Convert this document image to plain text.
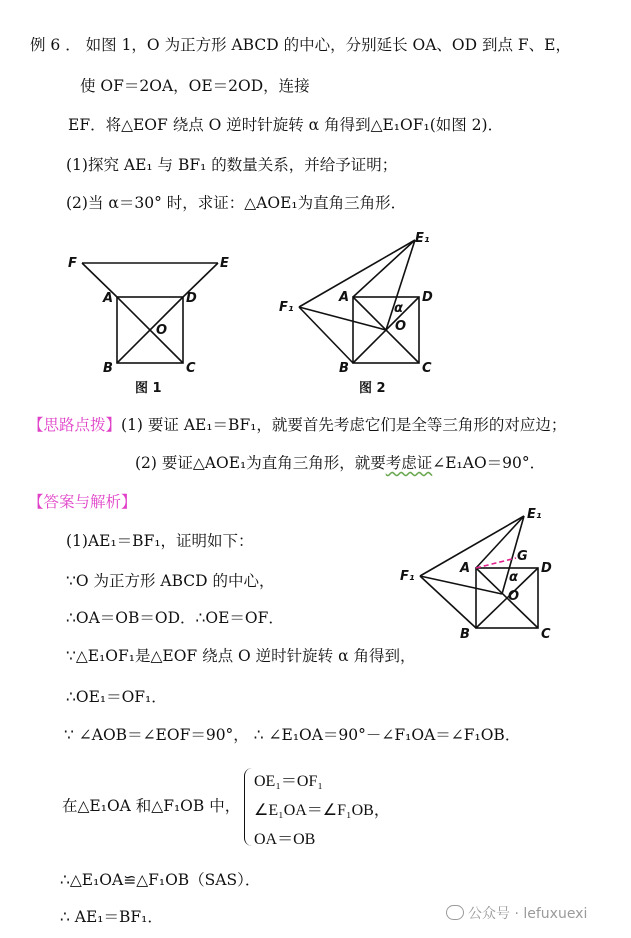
例 6 ． 如图 1，O 为正方形 ABCD 的中心，分别延长 OA、OD 到点 F、E，
使 OF＝2OA，OE＝2OD，连接
EF．将△EOF 绕点 O 逆时针旋转 α 角得到△E₁OF₁(如图 2)．
(1)探究 AE₁ 与 BF₁ 的数量关系，并给予证明；
(2)当 α＝30° 时，求证：△AOE₁为直角三角形．
F	E
A	D
B	C
O
图 1
E₁
F₁
A	D
B	C
O
α
图 2
【思路点拨】(1) 要证 AE₁＝BF₁，就要首先考虑它们是全等三角形的对应边；
(2) 要证△AOE₁为直角三角形，就要考虑证∠E₁AO＝90°．
【答案与解析】
(1)AE₁＝BF₁，证明如下：
∵O 为正方形 ABCD 的中心，
∴OA＝OB＝OD．∴OE＝OF．
∵△E₁OF₁是△EOF 绕点 O 逆时针旋转 α 角得到，
∴OE₁＝OF₁．
∵ ∠AOB＝∠EOF＝90°， ∴ ∠E₁OA＝90°－∠F₁OA＝∠F₁OB．
在△E₁OA 和△F₁OB 中，
OE₁＝OF₁
∠E₁OA＝∠F₁OB，
OA＝OB
∴△E₁OA≌△F₁OB（SAS）．
∴ AE₁＝BF₁．
E₁
G
F₁
A	D
B	C
O
α
公众号 · lefuxuexi
